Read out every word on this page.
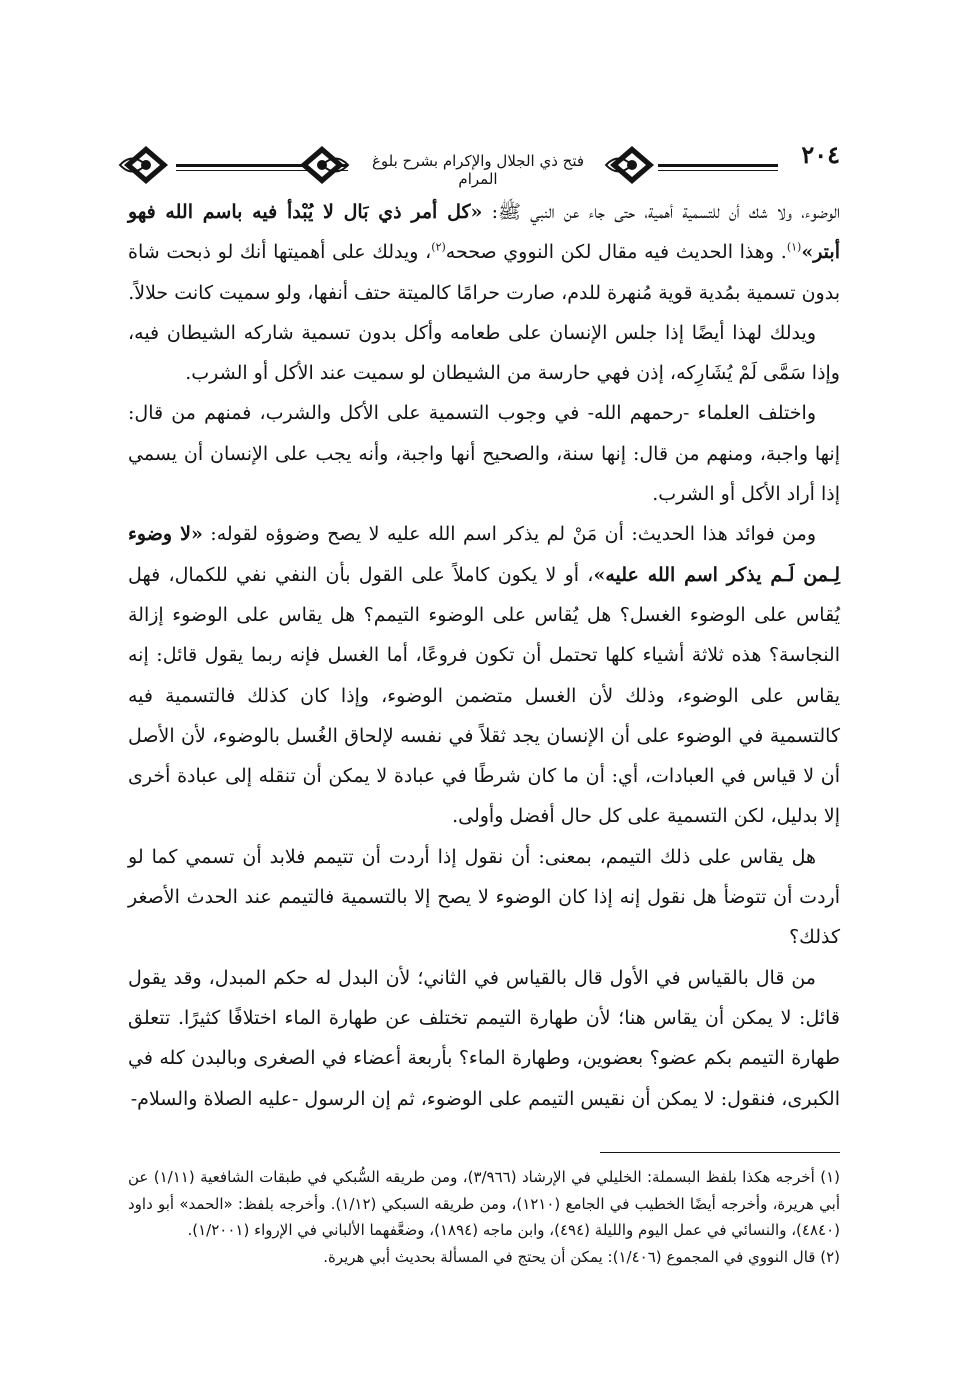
فتح ذي الجلال والإكرام بشرح بلوغ المرام
٢٠٤

الوضوء، ولا شك أن للتسمية أهمية، حتى جاء عن النبي ﷺ: «كل أمر ذي بَال لا يُبْدأ فيه باسم الله فهو أبتر»$^{(١)}$. وهذا الحديث فيه مقال لكن النووي صححه$^{(٢)}$، ويدلك على أهميتها أنك لو ذبحت شاة بدون تسمية بمُدية قوية مُنهرة للدم، صارت حرامًا كالميتة حتف أنفها، ولو سميت كانت حلالاً.

ويدلك لهذا أيضًا إذا جلس الإنسان على طعامه وأكل بدون تسمية شاركه الشيطان فيه، وإذا سَمَّى لَمْ يُشَارِكه، إذن فهي حارسة من الشيطان لو سميت عند الأكل أو الشرب.

واختلف العلماء -رحمهم الله- في وجوب التسمية على الأكل والشرب، فمنهم من قال: إنها واجبة، ومنهم من قال: إنها سنة، والصحيح أنها واجبة، وأنه يجب على الإنسان أن يسمي إذا أراد الأكل أو الشرب.

ومن فوائد هذا الحديث: أن مَنْ لم يذكر اسم الله عليه لا يصح وضوؤه لقوله: «لا وضوء لِـمن لَـم يذكر اسم الله عليه»، أو لا يكون كاملاً على القول بأن النفي نفي للكمال، فهل يُقاس على الوضوء الغسل؟ هل يُقاس على الوضوء التيمم؟ هل يقاس على الوضوء إزالة النجاسة؟ هذه ثلاثة أشياء كلها تحتمل أن تكون فروعًا، أما الغسل فإنه ربما يقول قائل: إنه يقاس على الوضوء، وذلك لأن الغسل متضمن الوضوء، وإذا كان كذلك فالتسمية فيه كالتسمية في الوضوء على أن الإنسان يجد ثقلاً في نفسه لإلحاق الغُسل بالوضوء، لأن الأصل أن لا قياس في العبادات، أي: أن ما كان شرطًا في عبادة لا يمكن أن تنقله إلى عبادة أخرى إلا بدليل، لكن التسمية على كل حال أفضل وأولى.

هل يقاس على ذلك التيمم، بمعنى: أن نقول إذا أردت أن تتيمم فلابد أن تسمي كما لو أردت أن تتوضأ هل نقول إنه إذا كان الوضوء لا يصح إلا بالتسمية فالتيمم عند الحدث الأصغر كذلك؟

من قال بالقياس في الأول قال بالقياس في الثاني؛ لأن البدل له حكم المبدل، وقد يقول قائل: لا يمكن أن يقاس هنا؛ لأن طهارة التيمم تختلف عن طهارة الماء اختلافًا كثيرًا. تتعلق طهارة التيمم بكم عضو؟ بعضوين، وطهارة الماء؟ بأربعة أعضاء في الصغرى وبالبدن كله في الكبرى، فنقول: لا يمكن أن نقيس التيمم على الوضوء، ثم إن الرسول -عليه الصلاة والسلام-

(١) أخرجه هكذا بلفظ البسملة: الخليلي في الإرشاد (٣/٩٦٦)، ومن طريقه السُّبكي في طبقات الشافعية (١/١١) عن أبي هريرة، وأخرجه أيضًا الخطيب في الجامع (١٢١٠)، ومن طريقه السبكي (١/١٢). وأخرجه بلفظ: «الحمد» أبو داود (٤٨٤٠)، والنسائي في عمل اليوم والليلة (٤٩٤)، وابن ماجه (١٨٩٤)، وضعَّفهما الألباني في الإرواء (١/٢٠٠١).

(٢) قال النووي في المجموع (١/٤٠٦): يمكن أن يحتج في المسألة بحديث أبي هريرة.
